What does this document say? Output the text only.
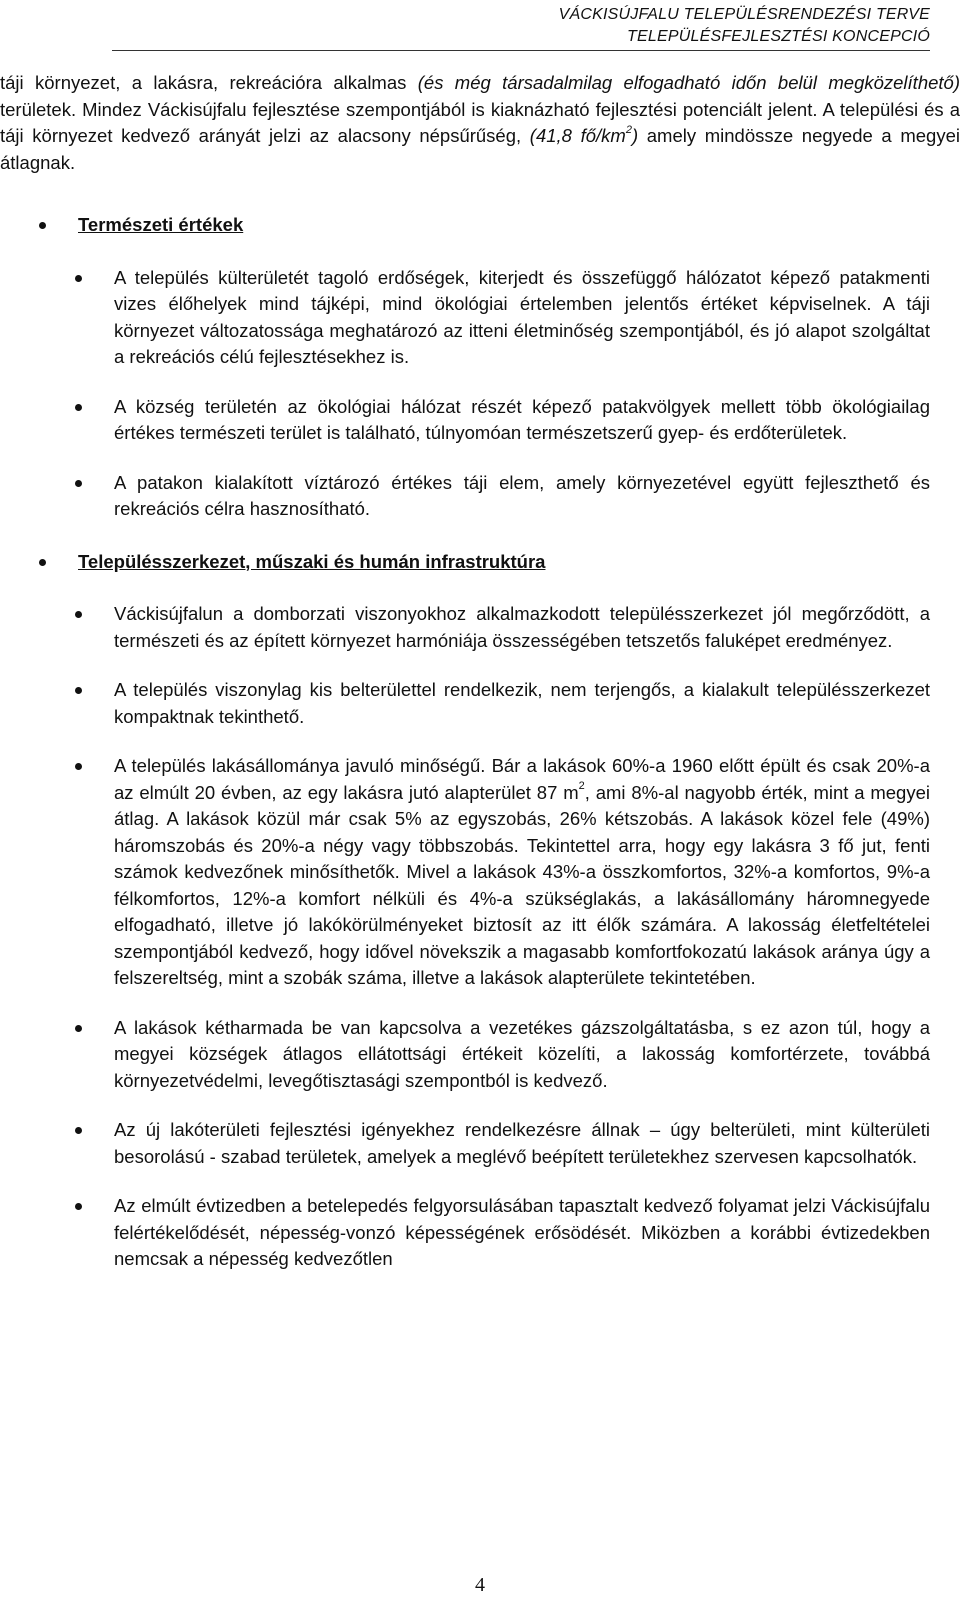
VÁCKISÚJFALU TELEPÜLÉSRENDEZÉSI TERVE
TELEPÜLÉSFEJLESZTÉSI KONCEPCIÓ

táji környezet, a lakásra, rekreációra alkalmas (és még társadalmilag elfogadható időn belül megközelíthető) területek. Mindez Váckisújfalu fejlesztése szempontjából is kiaknázható fejlesztési potenciált jelent. A települési és a táji környezet kedvező arányát jelzi az alacsony népsűrűség, (41,8 $fő/km^2$) amely mindössze negyede a megyei átlagnak.

Természeti értékek

A település külterületét tagoló erdőségek, kiterjedt és összefüggő hálózatot képező patakmenti vizes élőhelyek mind tájképi, mind ökológiai értelemben jelentős értéket képviselnek. A táji környezet változatossága meghatározó az itteni életminőség szempontjából, és jó alapot szolgáltat a rekreációs célú fejlesztésekhez is.

A község területén az ökológiai hálózat részét képező patakvölgyek mellett több ökológiailag értékes természeti terület is található, túlnyomóan természetszerű gyep- és erdőterületek.

A patakon kialakított víztározó értékes táji elem, amely környezetével együtt fejleszthető és rekreációs célra hasznosítható.

Településszerkezet, műszaki és humán infrastruktúra

Váckisújfalun a domborzati viszonyokhoz alkalmazkodott településszerkezet jól megőrződött, a természeti és az épített környezet harmóniája összességében tetszetős faluképet eredményez.

A település viszonylag kis belterülettel rendelkezik, nem terjengős, a kialakult településszerkezet kompaktnak tekinthető.

A település lakásállománya javuló minőségű. Bár a lakások 60%-a 1960 előtt épült és csak 20%-a az elmúlt 20 évben, az egy lakásra jutó alapterület 87 $m^2$, ami 8%-al nagyobb érték, mint a megyei átlag. A lakások közül már csak 5% az egyszobás, 26% kétszobás. A lakások közel fele (49%) háromszobás és 20%-a négy vagy többszobás. Tekintettel arra, hogy egy lakásra 3 fő jut, fenti számok kedvezőnek minősíthetők. Mivel a lakások 43%-a összkomfortos, 32%-a komfortos, 9%-a félkomfortos, 12%-a komfort nélküli és 4%-a szükséglakás, a lakásállomány háromnegyede elfogadható, illetve jó lakókörülményeket biztosít az itt élők számára. A lakosság életfeltételei szempontjából kedvező, hogy idővel növekszik a magasabb komfortfokozatú lakások aránya úgy a felszereltség, mint a szobák száma, illetve a lakások alapterülete tekintetében.

A lakások kétharmada be van kapcsolva a vezetékes gázszolgáltatásba, s ez azon túl, hogy a megyei községek átlagos ellátottsági értékeit közelíti, a lakosság komfortérzete, továbbá környezetvédelmi, levegőtisztasági szempontból is kedvező.

Az új lakóterületi fejlesztési igényekhez rendelkezésre állnak – úgy belterületi, mint külterületi besorolású - szabad területek, amelyek a meglévő beépített területekhez szervesen kapcsolhatók.

Az elmúlt évtizedben a betelepedés felgyorsulásában tapasztalt kedvező folyamat jelzi Váckisújfalu felértékelődését, népesség-vonzó képességének erősödését. Miközben a korábbi évtizedekben nemcsak a népesség kedvezőtlen

4
